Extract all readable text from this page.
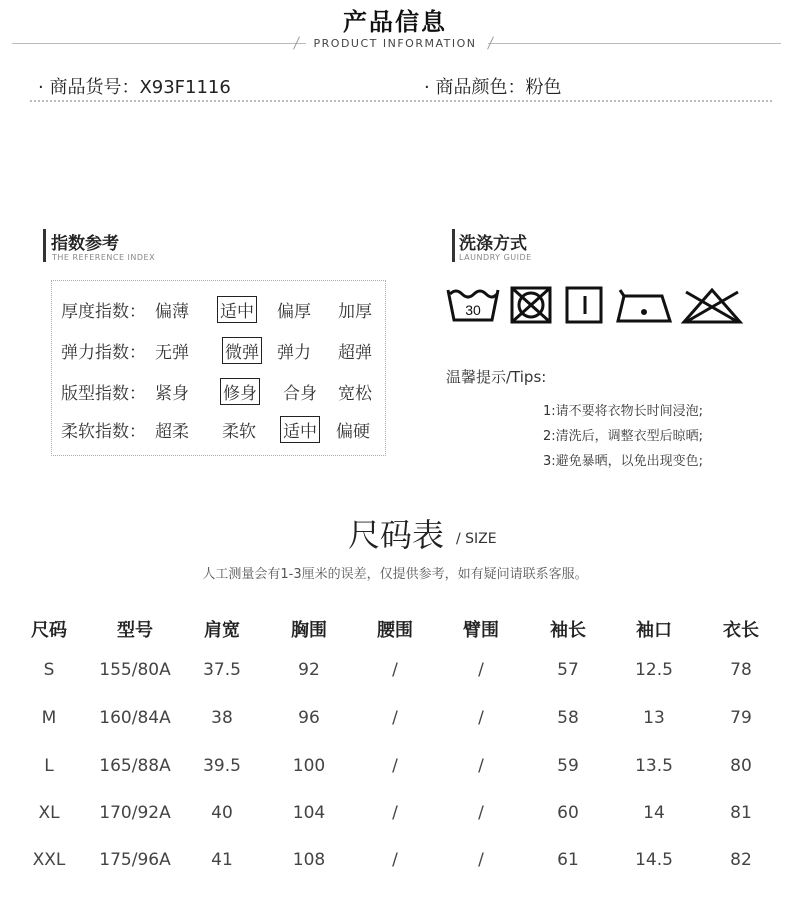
产品信息
PRODUCT INFORMATION
· 商品货号：X93F1116	· 商品颜色：粉色
指数参考
THE REFERENCE INDEX
厚度指数： 偏薄 适中 偏厚 加厚
弹力指数： 无弹 微弹 弹力 超弹
版型指数： 紧身 修身 合身 宽松
柔软指数： 超柔 柔软 适中 偏硬
洗涤方式
LAUNDRY GUIDE
30
温馨提示/Tips:
1:请不要将衣物长时间浸泡;
2:清洗后，调整衣型后晾晒;
3:避免暴晒，以免出现变色;
尺码表 / SIZE
人工测量会有1-3厘米的误差，仅提供参考，如有疑问请联系客服。
尺码	型号	肩宽	胸围	腰围	臂围	袖长	袖口	衣长
S	155/80A	37.5	92	/	/	57	12.5	78
M	160/84A	38	96	/	/	58	13	79
L	165/88A	39.5	100	/	/	59	13.5	80
XL	170/92A	40	104	/	/	60	14	81
XXL	175/96A	41	108	/	/	61	14.5	82
